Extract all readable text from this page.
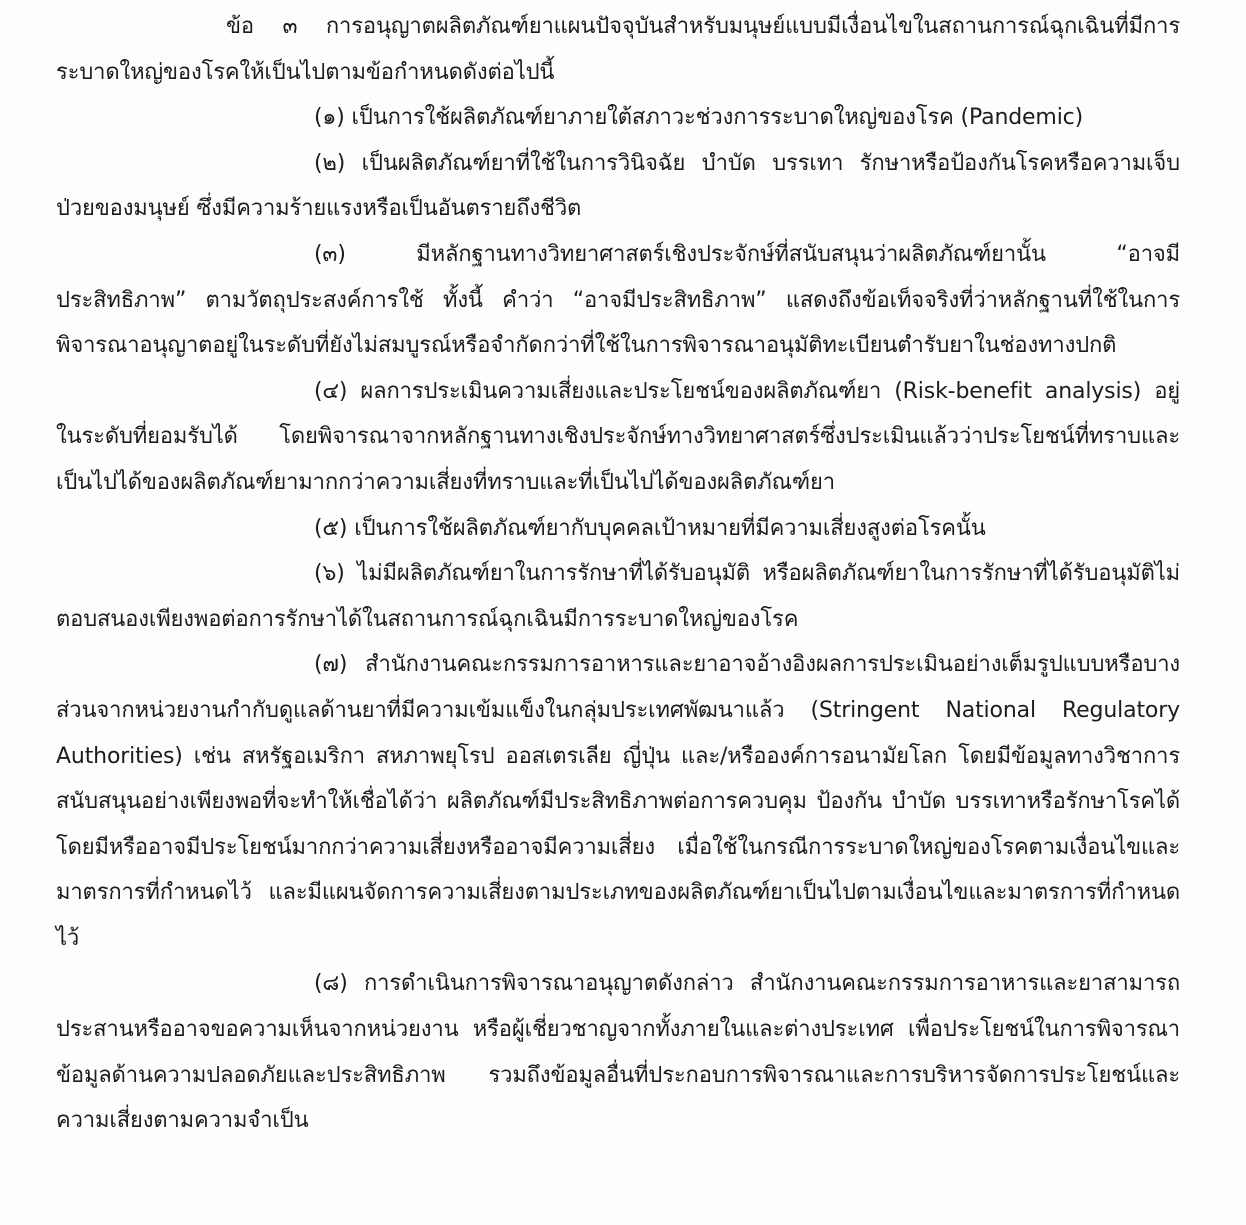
ข้อ ๓ การอนุญาตผลิตภัณฑ์ยาแผนปัจจุบันสำหรับมนุษย์แบบมีเงื่อนไขในสถานการณ์ฉุกเฉินที่มีการระบาดใหญ่ของโรคให้เป็นไปตามข้อกำหนดดังต่อไปนี้

(๑) เป็นการใช้ผลิตภัณฑ์ยาภายใต้สภาวะช่วงการระบาดใหญ่ของโรค (Pandemic)

(๒) เป็นผลิตภัณฑ์ยาที่ใช้ในการวินิจฉัย บำบัด บรรเทา รักษาหรือป้องกันโรคหรือความเจ็บป่วยของมนุษย์ ซึ่งมีความร้ายแรงหรือเป็นอันตรายถึงชีวิต

(๓) มีหลักฐานทางวิทยาศาสตร์เชิงประจักษ์ที่สนับสนุนว่าผลิตภัณฑ์ยานั้น “อาจมีประสิทธิภาพ” ตามวัตถุประสงค์การใช้ ทั้งนี้ คำว่า “อาจมีประสิทธิภาพ” แสดงถึงข้อเท็จจริงที่ว่าหลักฐานที่ใช้ในการพิจารณาอนุญาตอยู่ในระดับที่ยังไม่สมบูรณ์หรือจำกัดกว่าที่ใช้ในการพิจารณาอนุมัติทะเบียนตำรับยาในช่องทางปกติ

(๔) ผลการประเมินความเสี่ยงและประโยชน์ของผลิตภัณฑ์ยา (Risk-benefit analysis) อยู่ในระดับที่ยอมรับได้ โดยพิจารณาจากหลักฐานทางเชิงประจักษ์ทางวิทยาศาสตร์ซึ่งประเมินแล้วว่าประโยชน์ที่ทราบและเป็นไปได้ของผลิตภัณฑ์ยามากกว่าความเสี่ยงที่ทราบและที่เป็นไปได้ของผลิตภัณฑ์ยา

(๕) เป็นการใช้ผลิตภัณฑ์ยากับบุคคลเป้าหมายที่มีความเสี่ยงสูงต่อโรคนั้น

(๖) ไม่มีผลิตภัณฑ์ยาในการรักษาที่ได้รับอนุมัติ หรือผลิตภัณฑ์ยาในการรักษาที่ได้รับอนุมัติไม่ตอบสนองเพียงพอต่อการรักษาได้ในสถานการณ์ฉุกเฉินมีการระบาดใหญ่ของโรค

(๗) สำนักงานคณะกรรมการอาหารและยาอาจอ้างอิงผลการประเมินอย่างเต็มรูปแบบหรือบางส่วนจากหน่วยงานกำกับดูแลด้านยาที่มีความเข้มแข็งในกลุ่มประเทศพัฒนาแล้ว (Stringent National Regulatory Authorities) เช่น สหรัฐอเมริกา สหภาพยุโรป ออสเตรเลีย ญี่ปุ่น และ/หรือองค์การอนามัยโลก โดยมีข้อมูลทางวิชาการสนับสนุนอย่างเพียงพอที่จะทำให้เชื่อได้ว่า ผลิตภัณฑ์มีประสิทธิภาพต่อการควบคุม ป้องกัน บำบัด บรรเทาหรือรักษาโรคได้ โดยมีหรืออาจมีประโยชน์มากกว่าความเสี่ยงหรืออาจมีความเสี่ยง เมื่อใช้ในกรณีการระบาดใหญ่ของโรคตามเงื่อนไขและมาตรการที่กำหนดไว้ และมีแผนจัดการความเสี่ยงตามประเภทของผลิตภัณฑ์ยาเป็นไปตามเงื่อนไขและมาตรการที่กำหนดไว้

(๘) การดำเนินการพิจารณาอนุญาตดังกล่าว สำนักงานคณะกรรมการอาหารและยาสามารถประสานหรืออาจขอความเห็นจากหน่วยงาน หรือผู้เชี่ยวชาญจากทั้งภายในและต่างประเทศ เพื่อประโยชน์ในการพิจารณาข้อมูลด้านความปลอดภัยและประสิทธิภาพ รวมถึงข้อมูลอื่นที่ประกอบการพิจารณาและการบริหารจัดการประโยชน์และความเสี่ยงตามความจำเป็น
